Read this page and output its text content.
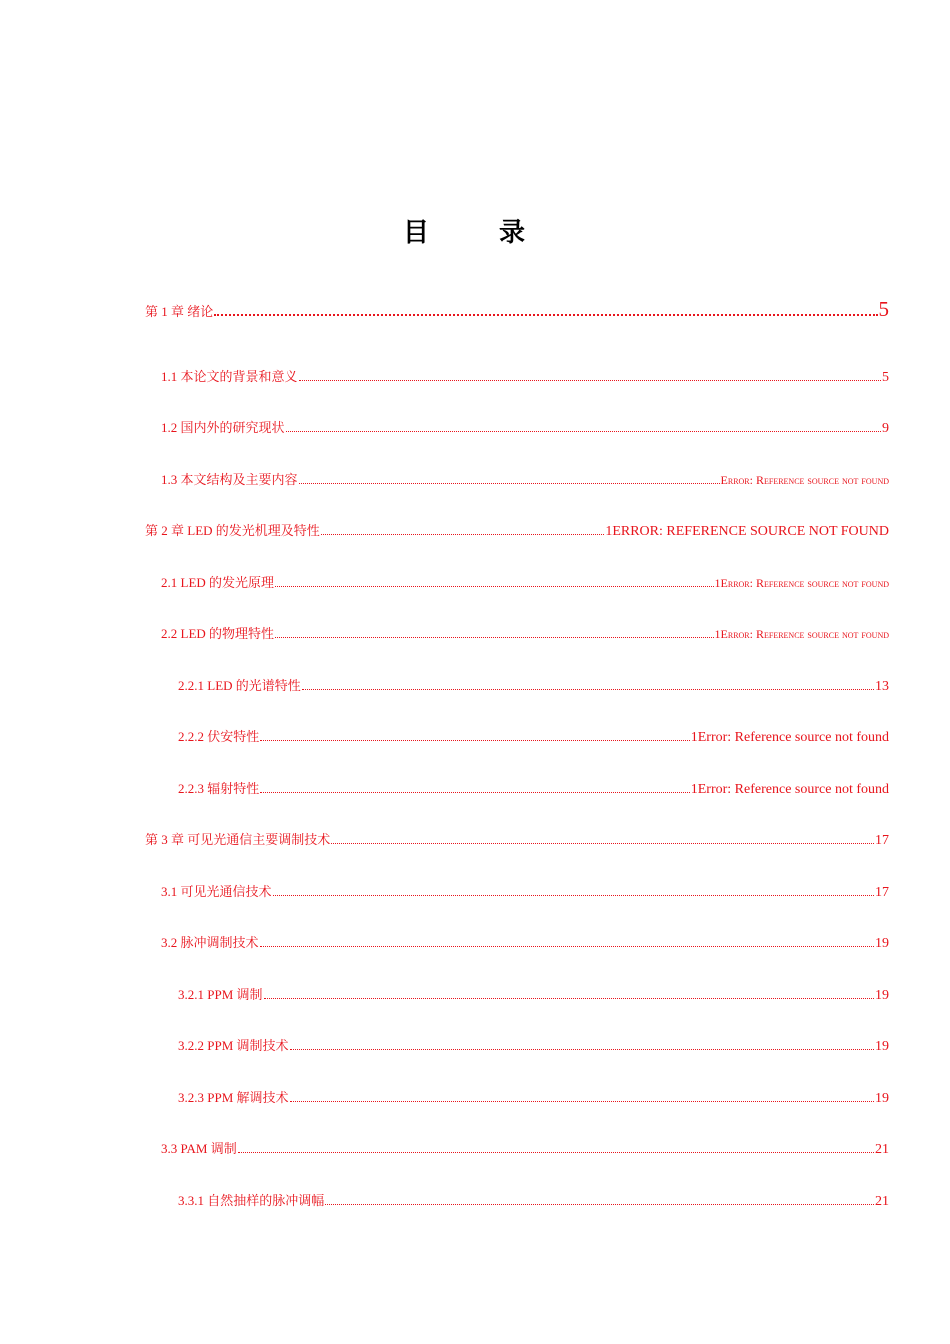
目　录
第 1 章 绪论	5
1.1 本论文的背景和意义	5
1.2 国内外的研究现状	9
1.3 本文结构及主要内容	Error: Reference source not found
第 2 章 LED 的发光机理及特性	1ERROR: REFERENCE SOURCE NOT FOUND
2.1 LED 的发光原理	1Error: Reference source not found
2.2 LED 的物理特性	1Error: Reference source not found
2.2.1 LED 的光谱特性	13
2.2.2 伏安特性	1Error: Reference source not found
2.2.3 辐射特性	1Error: Reference source not found
第 3 章 可见光通信主要调制技术	17
3.1 可见光通信技术	17
3.2 脉冲调制技术	19
3.2.1 PPM 调制	19
3.2.2 PPM 调制技术	19
3.2.3 PPM 解调技术	19
3.3 PAM 调制	21
3.3.1 自然抽样的脉冲调幅	21
